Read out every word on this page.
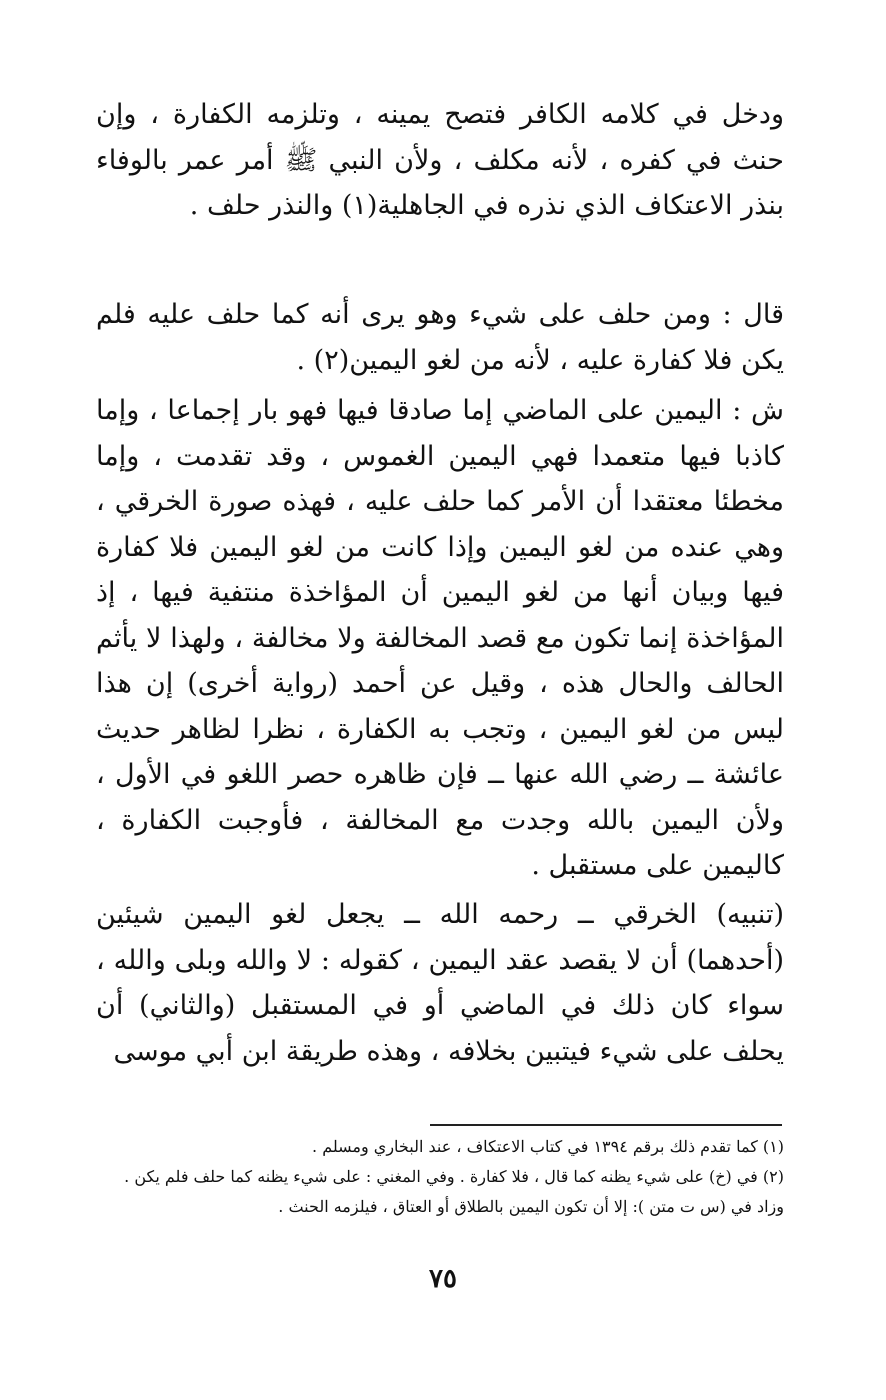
ودخل في كلامه الكافر فتصح يمينه ، وتلزمه الكفارة ، وإن حنث في كفره ، لأنه مكلف ، ولأن النبي ﷺ أمر عمر بالوفاء بنذر الاعتكاف الذي نذره في الجاهلية(١) والنذر حلف .

قال : ومن حلف على شيء وهو يرى أنه كما حلف عليه فلم يكن فلا كفارة عليه ، لأنه من لغو اليمين(٢) .

ش : اليمين على الماضي إما صادقا فيها فهو بار إجماعا ، وإما كاذبا فيها متعمدا فهي اليمين الغموس ، وقد تقدمت ، وإما مخطئا معتقدا أن الأمر كما حلف عليه ، فهذه صورة الخرقي ، وهي عنده من لغو اليمين وإذا كانت من لغو اليمين فلا كفارة فيها وبيان أنها من لغو اليمين أن المؤاخذة منتفية فيها ، إذ المؤاخذة إنما تكون مع قصد المخالفة ولا مخالفة ، ولهذا لا يأثم الحالف والحال هذه ، وقيل عن أحمد (رواية أخرى) إن هذا ليس من لغو اليمين ، وتجب به الكفارة ، نظرا لظاهر حديث عائشة ــ رضي الله عنها ــ فإن ظاهره حصر اللغو في الأول ، ولأن اليمين بالله وجدت مع المخالفة ، فأوجبت الكفارة ، كاليمين على مستقبل .

(تنبيه) الخرقي ــ رحمه الله ــ يجعل لغو اليمين شيئين (أحدهما) أن لا يقصد عقد اليمين ، كقوله : لا والله وبلى والله ، سواء كان ذلك في الماضي أو في المستقبل (والثاني) أن يحلف على شيء فيتبين بخلافه ، وهذه طريقة ابن أبي موسى

(١) كما تقدم ذلك برقم ١٣٩٤ في كتاب الاعتكاف ، عند البخاري ومسلم .

(٢) في (خ) على شيء يظنه كما قال ، فلا كفارة . وفي المغني : على شيء يظنه كما حلف فلم يكن .

وزاد في (س ت متن ): إلا أن تكون اليمين بالطلاق أو العتاق ، فيلزمه الحنث .

٧٥
